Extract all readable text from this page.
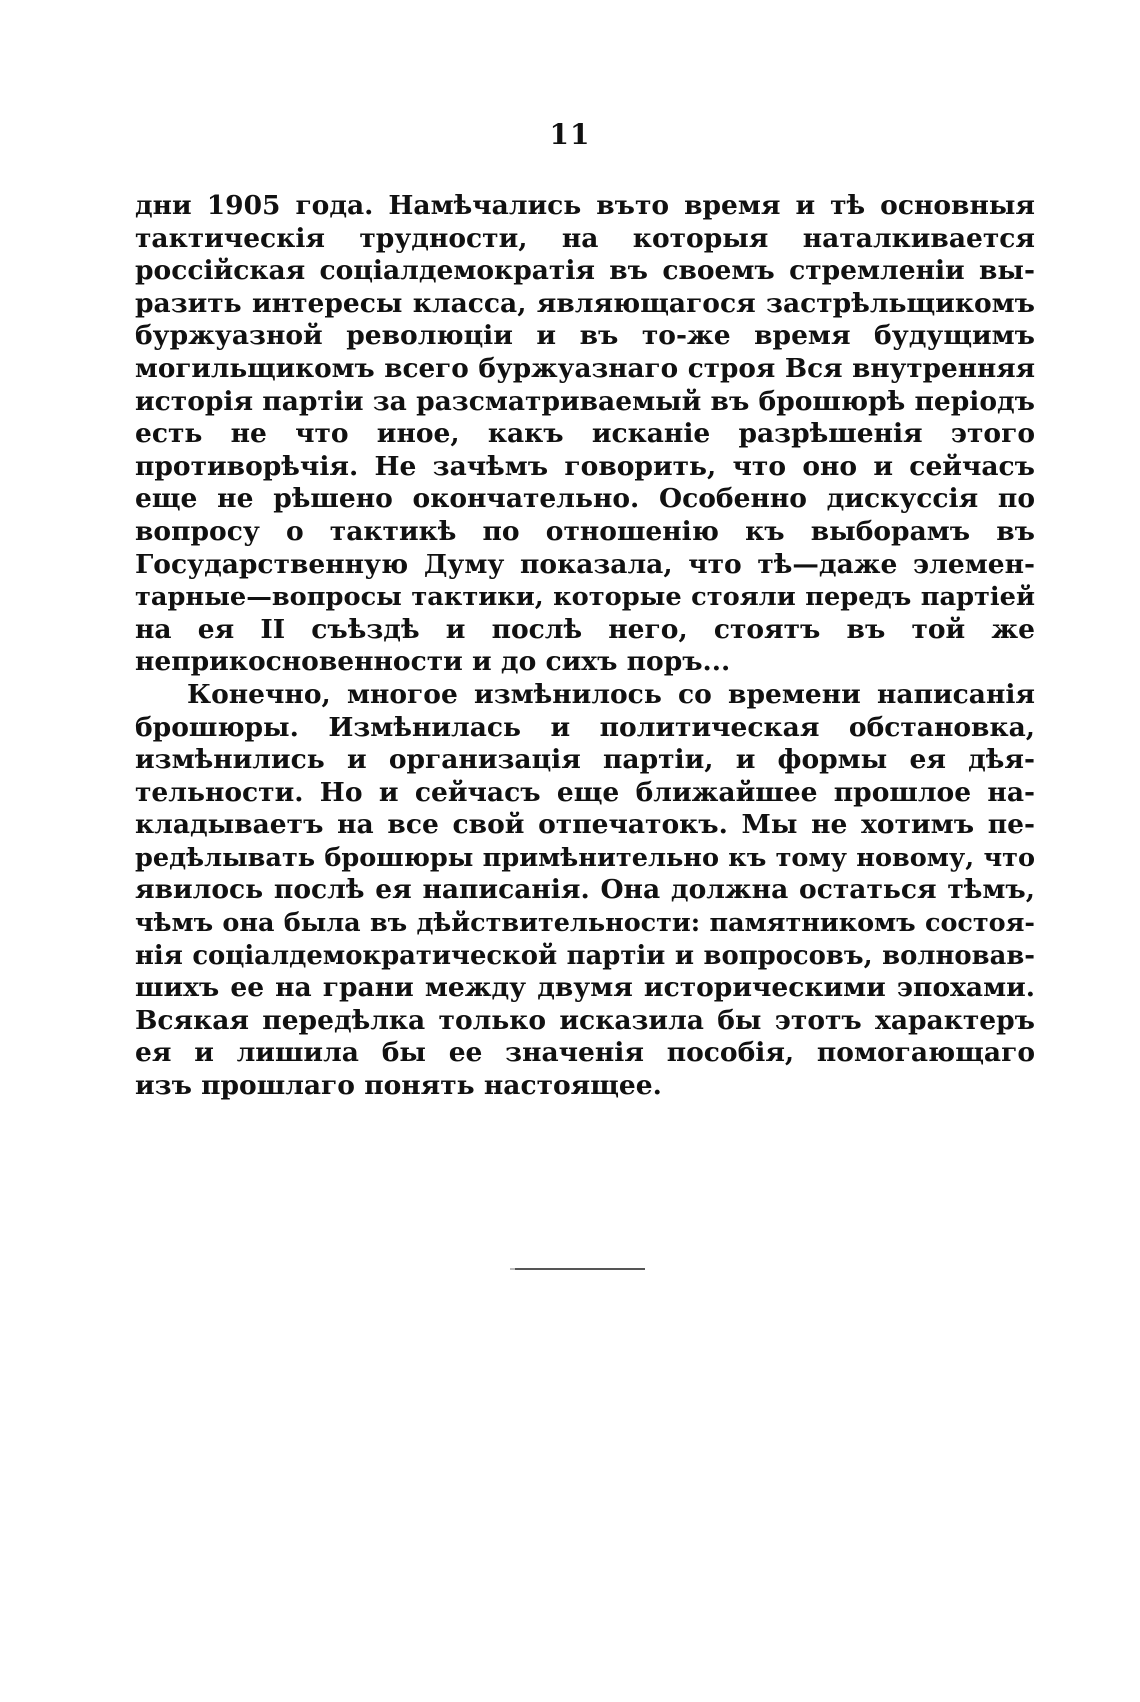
11
дни 1905 года. Намѣчались въто время и тѣ основныя
тактическія трудности, на которыя наталкивается
россійская соціалдемократія въ своемъ стремленіи вы-
разить интересы класса, являющагося застрѣльщикомъ
буржуазной революціи и въ то-же время будущимъ
могильщикомъ всего буржуазнаго строя Вся внутренняя
исторія партіи за разсматриваемый въ брошюрѣ періодъ
есть не что иное, какъ исканіе разрѣшенія этого
противорѣчія. Не зачѣмъ говорить, что оно и сейчасъ
еще не рѣшено окончательно. Особенно дискуссія по
вопросу о тактикѣ по отношенію къ выборамъ въ
Государственную Думу показала, что тѣ—даже элемен-
тарные—вопросы тактики, которые стояли передъ партіей
на ея II съѣздѣ и послѣ него, стоятъ въ той же
неприкосновенности и до сихъ поръ...
Конечно, многое измѣнилось со времени написанія
брошюры. Измѣнилась и политическая обстановка,
измѣнились и организація партіи, и формы ея дѣя-
тельности. Но и сейчасъ еще ближайшее прошлое на-
кладываетъ на все свой отпечатокъ. Мы не хотимъ пе-
редѣлывать брошюры примѣнительно къ тому новому, что
явилось послѣ ея написанія. Она должна остаться тѣмъ,
чѣмъ она была въ дѣйствительности: памятникомъ состоя-
нія соціалдемократической партіи и вопросовъ, волновав-
шихъ ее на грани между двумя историческими эпохами.
Всякая передѣлка только исказила бы этотъ характеръ
ея и лишила бы ее значенія пособія, помогающаго
изъ прошлаго понять настоящее.
